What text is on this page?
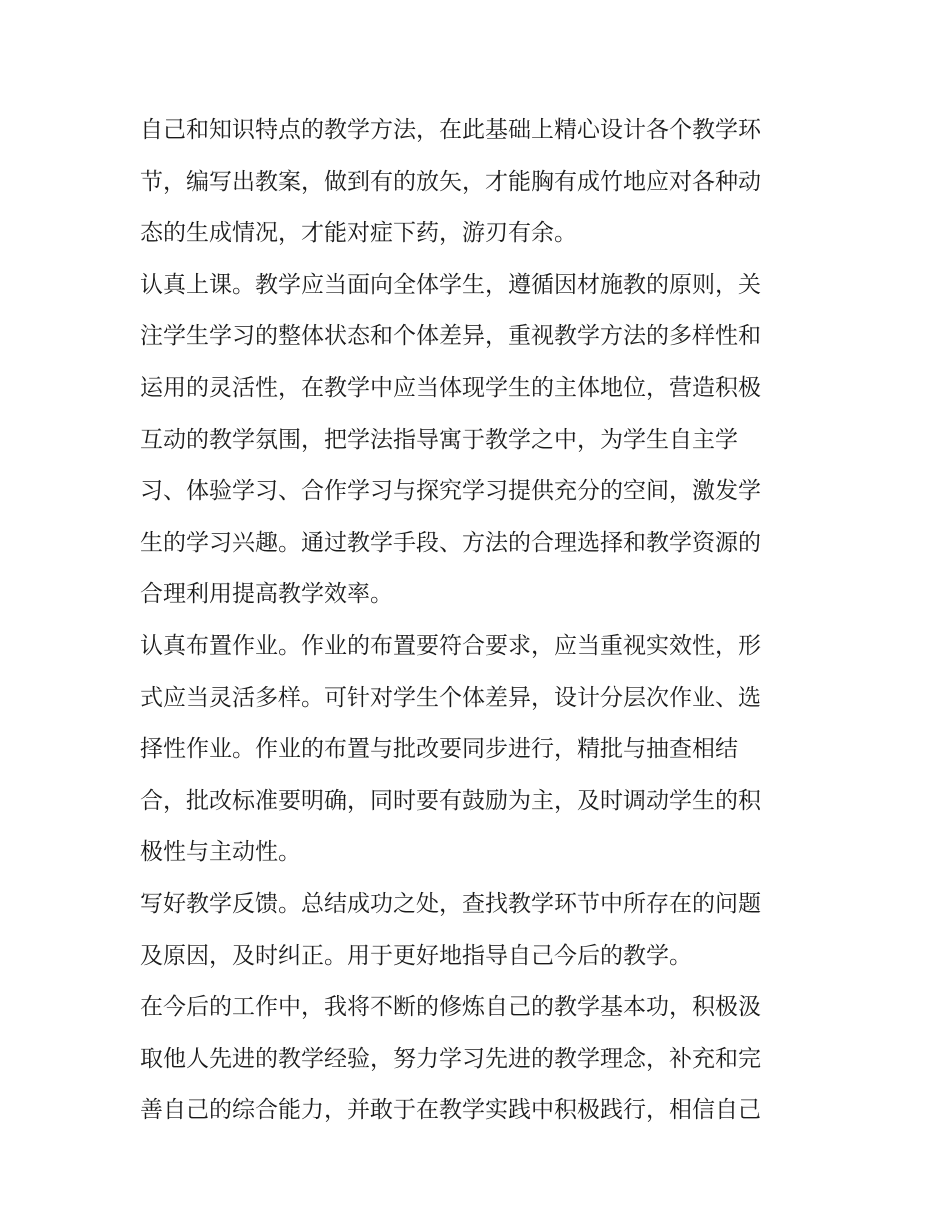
自己和知识特点的教学方法，在此基础上精心设计各个教学环
节，编写出教案，做到有的放矢，才能胸有成竹地应对各种动
态的生成情况，才能对症下药，游刃有余。
认真上课。教学应当面向全体学生，遵循因材施教的原则，关
注学生学习的整体状态和个体差异，重视教学方法的多样性和
运用的灵活性，在教学中应当体现学生的主体地位，营造积极
互动的教学氛围，把学法指导寓于教学之中，为学生自主学
习、体验学习、合作学习与探究学习提供充分的空间，激发学
生的学习兴趣。通过教学手段、方法的合理选择和教学资源的
合理利用提高教学效率。
认真布置作业。作业的布置要符合要求，应当重视实效性，形
式应当灵活多样。可针对学生个体差异，设计分层次作业、选
择性作业。作业的布置与批改要同步进行，精批与抽查相结
合，批改标准要明确，同时要有鼓励为主，及时调动学生的积
极性与主动性。
写好教学反馈。总结成功之处，查找教学环节中所存在的问题
及原因，及时纠正。用于更好地指导自己今后的教学。
在今后的工作中，我将不断的修炼自己的教学基本功，积极汲
取他人先进的教学经验，努力学习先进的教学理念，补充和完
善自己的综合能力，并敢于在教学实践中积极践行，相信自己
